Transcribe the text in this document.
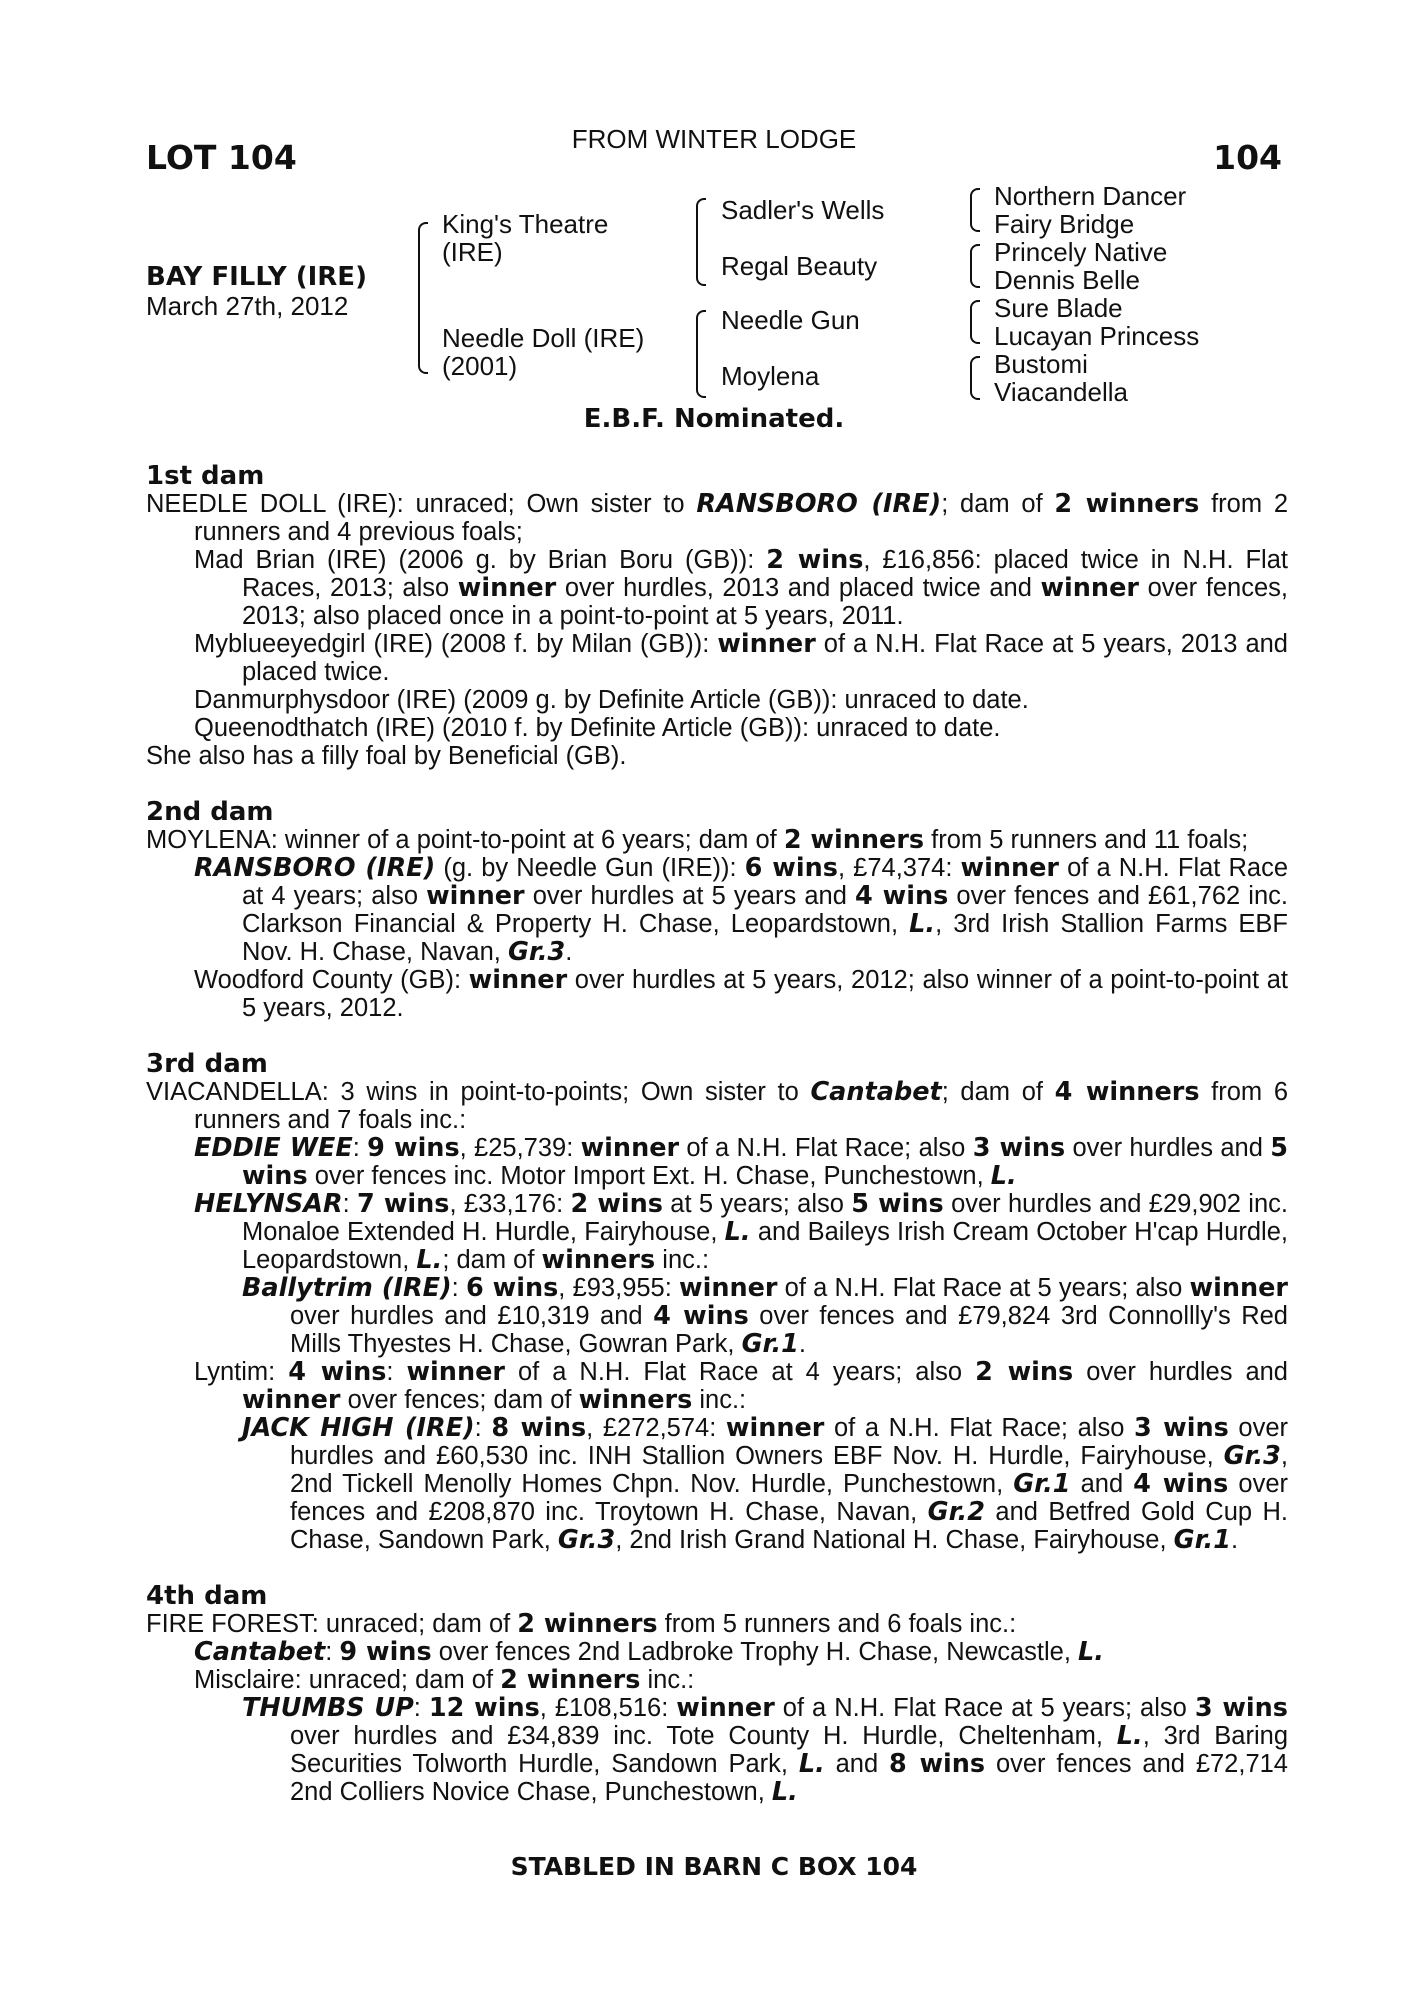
LOT 104	FROM WINTER LODGE	104
BAY FILLY (IRE)
March 27th, 2012
King's Theatre
(IRE)
Needle Doll (IRE)
(2001)
Sadler's Wells
Regal Beauty
Needle Gun
Moylena
Northern Dancer
Fairy Bridge
Princely Native
Dennis Belle
Sure Blade
Lucayan Princess
Bustomi
Viacandella
E.B.F. Nominated.
1st dam
NEEDLE DOLL (IRE): unraced; Own sister to RANSBORO (IRE); dam of 2 winners from 2 runners and 4 previous foals;
Mad Brian (IRE) (2006 g. by Brian Boru (GB)): 2 wins, £16,856: placed twice in N.H. Flat Races, 2013; also winner over hurdles, 2013 and placed twice and winner over fences, 2013; also placed once in a point-to-point at 5 years, 2011.
Myblueeyedgirl (IRE) (2008 f. by Milan (GB)): winner of a N.H. Flat Race at 5 years, 2013 and placed twice.
Danmurphysdoor (IRE) (2009 g. by Definite Article (GB)): unraced to date.
Queenodthatch (IRE) (2010 f. by Definite Article (GB)): unraced to date.
She also has a filly foal by Beneficial (GB).
2nd dam
MOYLENA: winner of a point-to-point at 6 years; dam of 2 winners from 5 runners and 11 foals;
RANSBORO (IRE) (g. by Needle Gun (IRE)): 6 wins, £74,374: winner of a N.H. Flat Race at 4 years; also winner over hurdles at 5 years and 4 wins over fences and £61,762 inc. Clarkson Financial & Property H. Chase, Leopardstown, L., 3rd Irish Stallion Farms EBF Nov. H. Chase, Navan, Gr.3.
Woodford County (GB): winner over hurdles at 5 years, 2012; also winner of a point-to-point at 5 years, 2012.
3rd dam
VIACANDELLA: 3 wins in point-to-points; Own sister to Cantabet; dam of 4 winners from 6 runners and 7 foals inc.:
EDDIE WEE: 9 wins, £25,739: winner of a N.H. Flat Race; also 3 wins over hurdles and 5 wins over fences inc. Motor Import Ext. H. Chase, Punchestown, L.
HELYNSAR: 7 wins, £33,176: 2 wins at 5 years; also 5 wins over hurdles and £29,902 inc. Monaloe Extended H. Hurdle, Fairyhouse, L. and Baileys Irish Cream October H'cap Hurdle, Leopardstown, L.; dam of winners inc.:
Ballytrim (IRE): 6 wins, £93,955: winner of a N.H. Flat Race at 5 years; also winner over hurdles and £10,319 and 4 wins over fences and £79,824 3rd Connollly's Red Mills Thyestes H. Chase, Gowran Park, Gr.1.
Lyntim: 4 wins: winner of a N.H. Flat Race at 4 years; also 2 wins over hurdles and winner over fences; dam of winners inc.:
JACK HIGH (IRE): 8 wins, £272,574: winner of a N.H. Flat Race; also 3 wins over hurdles and £60,530 inc. INH Stallion Owners EBF Nov. H. Hurdle, Fairyhouse, Gr.3, 2nd Tickell Menolly Homes Chpn. Nov. Hurdle, Punchestown, Gr.1 and 4 wins over fences and £208,870 inc. Troytown H. Chase, Navan, Gr.2 and Betfred Gold Cup H. Chase, Sandown Park, Gr.3, 2nd Irish Grand National H. Chase, Fairyhouse, Gr.1.
4th dam
FIRE FOREST: unraced; dam of 2 winners from 5 runners and 6 foals inc.:
Cantabet: 9 wins over fences 2nd Ladbroke Trophy H. Chase, Newcastle, L.
Misclaire: unraced; dam of 2 winners inc.:
THUMBS UP: 12 wins, £108,516: winner of a N.H. Flat Race at 5 years; also 3 wins over hurdles and £34,839 inc. Tote County H. Hurdle, Cheltenham, L., 3rd Baring Securities Tolworth Hurdle, Sandown Park, L. and 8 wins over fences and £72,714 2nd Colliers Novice Chase, Punchestown, L.
STABLED IN BARN C BOX 104
